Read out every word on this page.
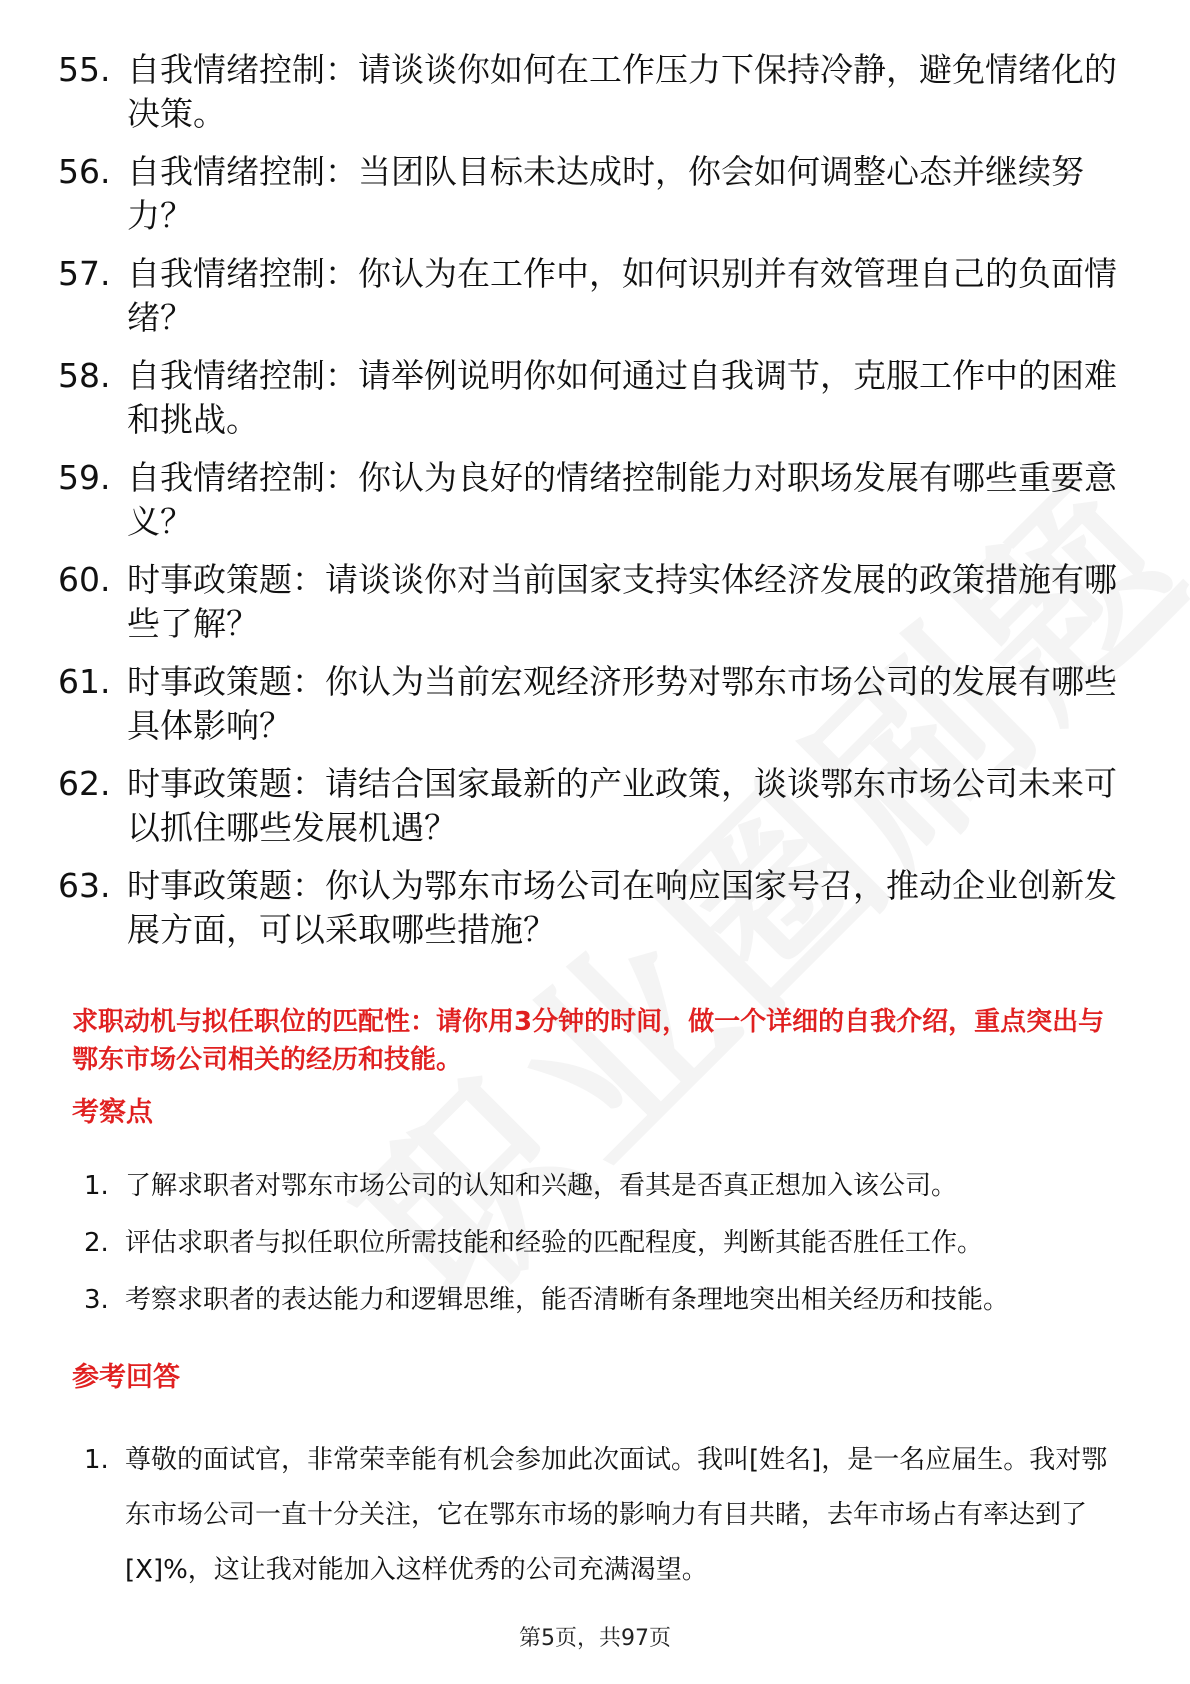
55. 自我情绪控制：请谈谈你如何在工作压力下保持冷静，避免情绪化的决策。
56. 自我情绪控制：当团队目标未达成时，你会如何调整心态并继续努力？
57. 自我情绪控制：你认为在工作中，如何识别并有效管理自己的负面情绪？
58. 自我情绪控制：请举例说明你如何通过自我调节，克服工作中的困难和挑战。
59. 自我情绪控制：你认为良好的情绪控制能力对职场发展有哪些重要意义？
60. 时事政策题：请谈谈你对当前国家支持实体经济发展的政策措施有哪些了解？
61. 时事政策题：你认为当前宏观经济形势对鄂东市场公司的发展有哪些具体影响？
62. 时事政策题：请结合国家最新的产业政策，谈谈鄂东市场公司未来可以抓住哪些发展机遇？
63. 时事政策题：你认为鄂东市场公司在响应国家号召，推动企业创新发展方面，可以采取哪些措施？
求职动机与拟任职位的匹配性：请你用3分钟的时间，做一个详细的自我介绍，重点突出与鄂东市场公司相关的经历和技能。
考察点
1. 了解求职者对鄂东市场公司的认知和兴趣，看其是否真正想加入该公司。
2. 评估求职者与拟任职位所需技能和经验的匹配程度，判断其能否胜任工作。
3. 考察求职者的表达能力和逻辑思维，能否清晰有条理地突出相关经历和技能。
参考回答
1. 尊敬的面试官，非常荣幸能有机会参加此次面试。我叫[姓名]，是一名应届生。我对鄂东市场公司一直十分关注，它在鄂东市场的影响力有目共睹，去年市场占有率达到了[X]%，这让我对能加入这样优秀的公司充满渴望。
第5页，共97页
